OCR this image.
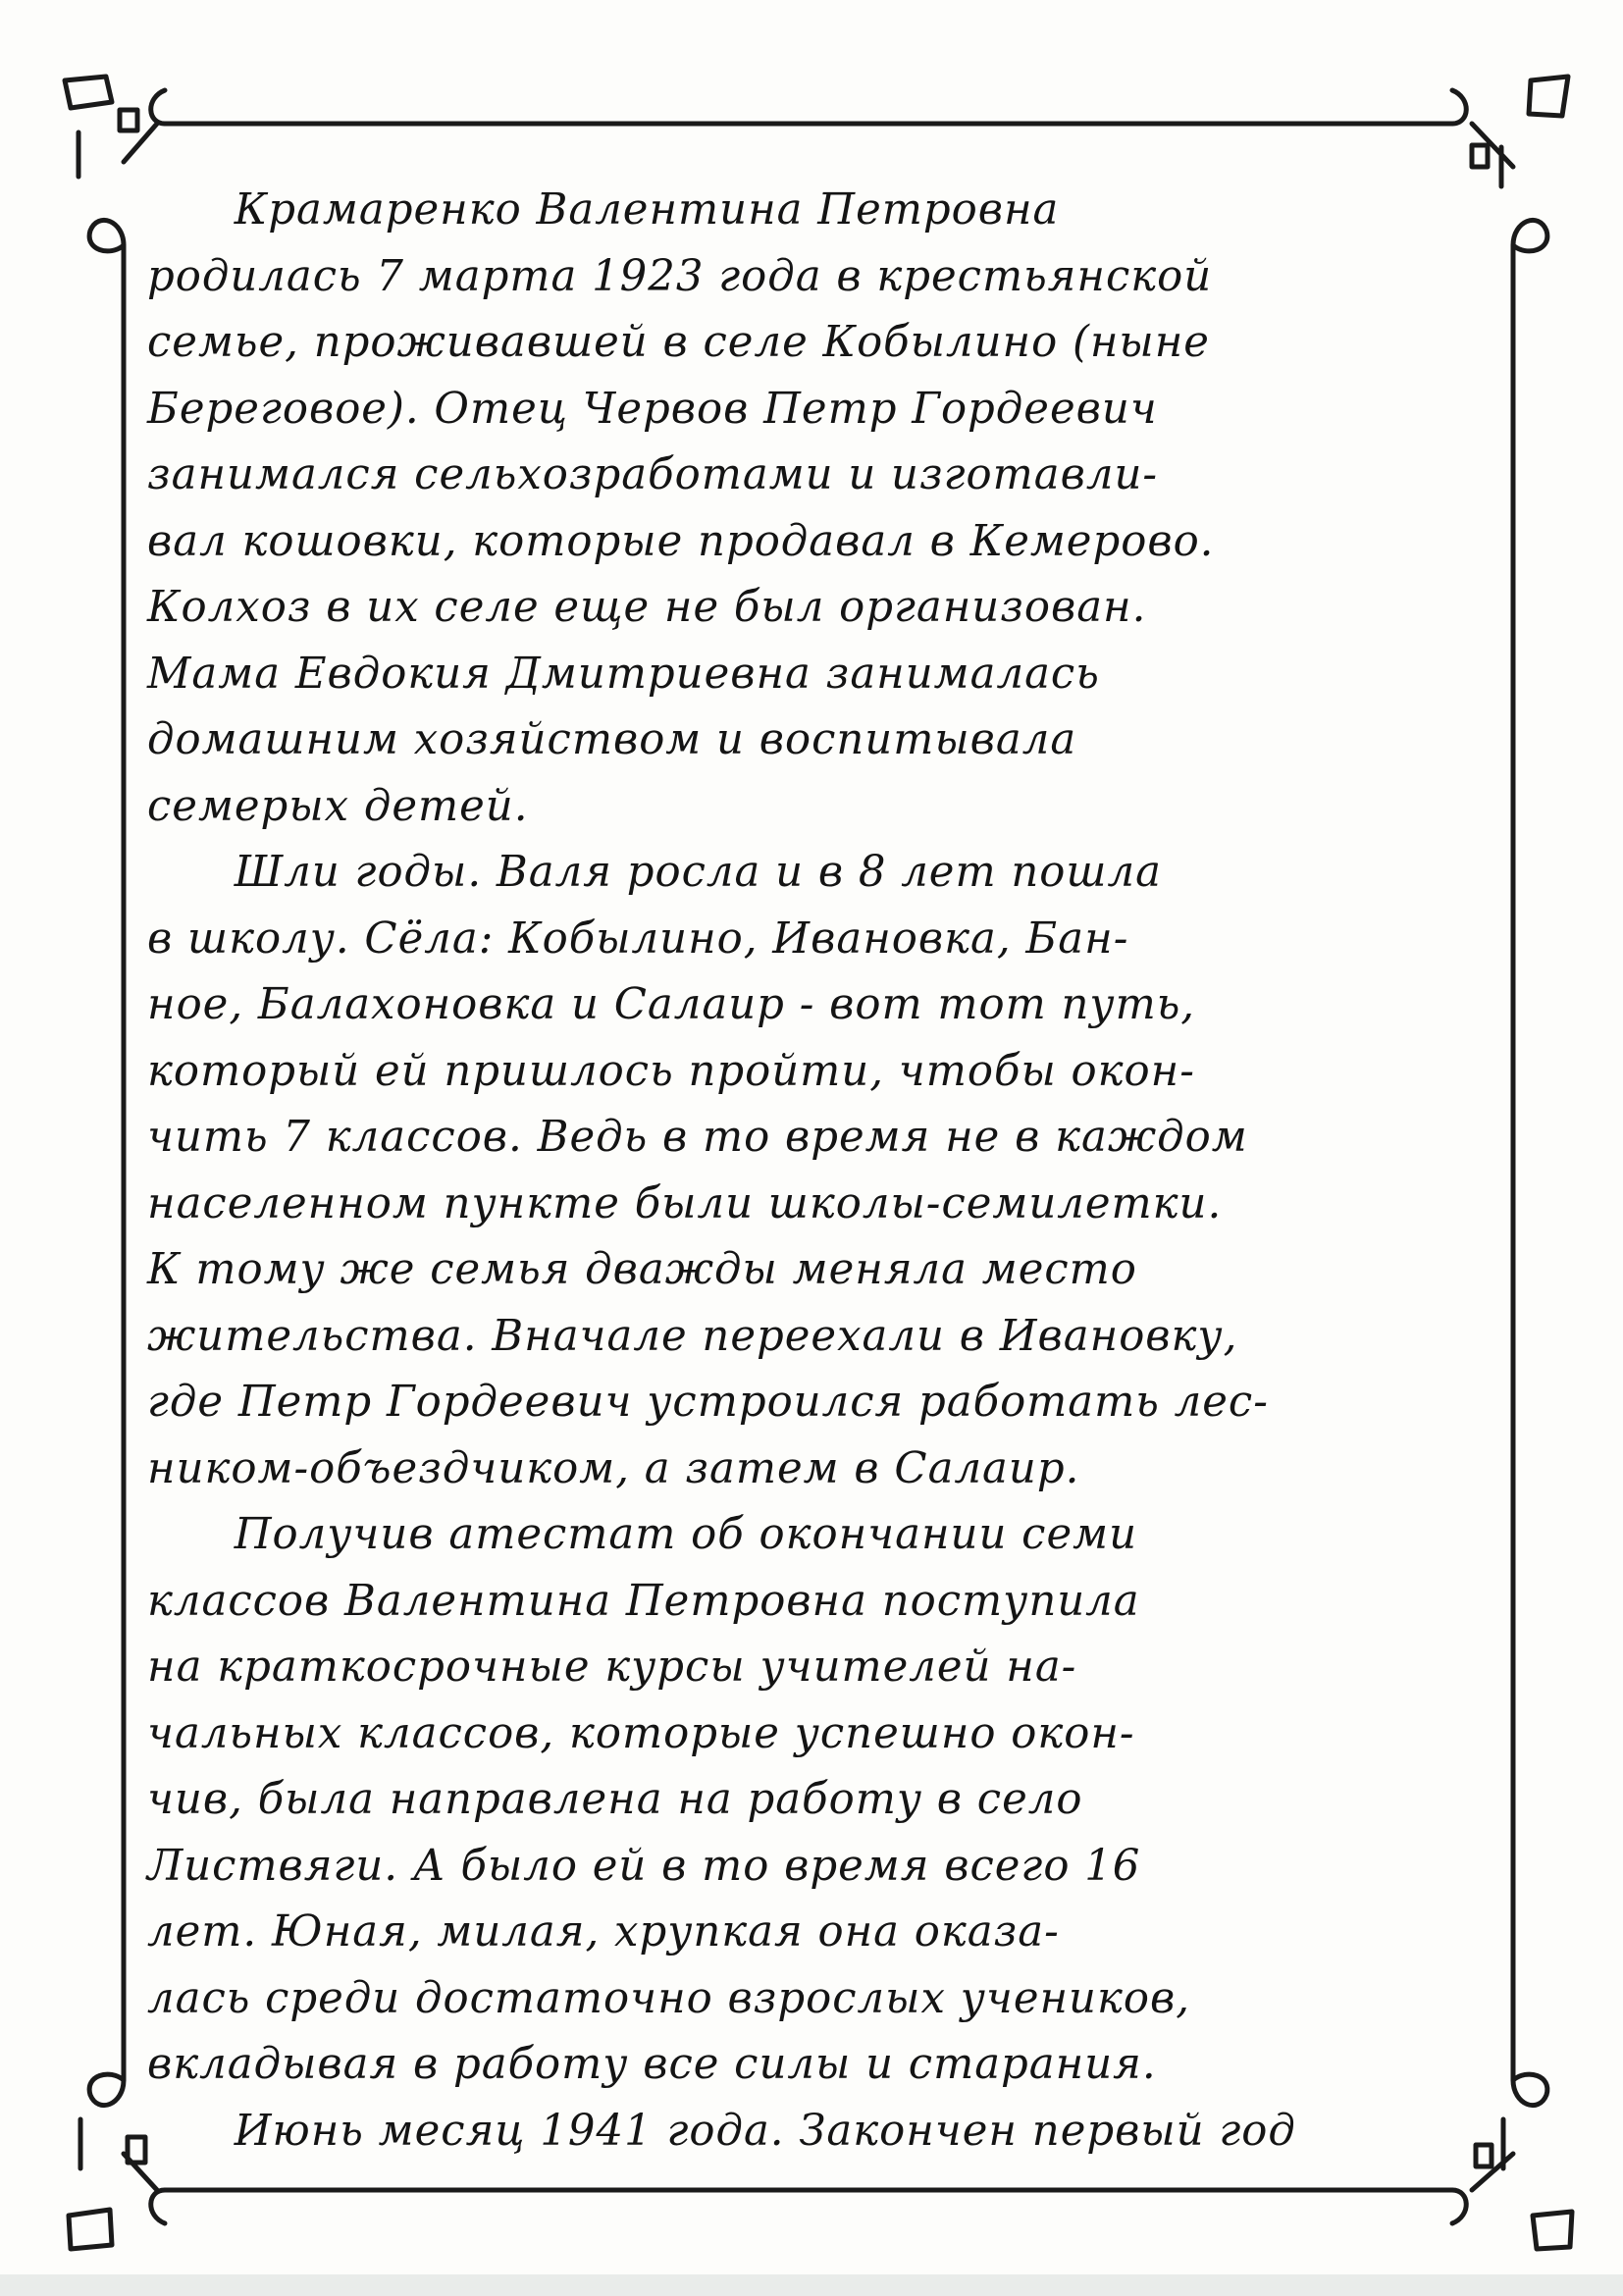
Крамаренко Валентина Петровна
родилась 7 марта 1923 года в крестьянской
семье, проживавшей в селе Кобылино (ныне
Береговое). Отец Червов Петр Гордеевич
занимался сельхозработами и изготавли-
вал кошовки, которые продавал в Кемерово.
Колхоз в их селе еще не был организован.
Мама Евдокия Дмитриевна занималась
домашним хозяйством и воспитывала
семерых детей.
Шли годы. Валя росла и в 8 лет пошла
в школу. Сёла: Кобылино, Ивановка, Бан-
ное, Балахоновка и Салаир - вот тот путь,
который ей пришлось пройти, чтобы окон-
чить 7 классов. Ведь в то время не в каждом
населенном пункте были школы-семилетки.
К тому же семья дважды меняла место
жительства. Вначале переехали в Ивановку,
где Петр Гордеевич устроился работать лес-
ником-объездчиком, а затем в Салаир.
Получив атестат об окончании семи
классов Валентина Петровна поступила
на краткосрочные курсы учителей на-
чальных классов, которые успешно окон-
чив, была направлена на работу в село
Листвяги. А было ей в то время всего 16
лет. Юная, милая, хрупкая она оказа-
лась среди достаточно взрослых учеников,
вкладывая в работу все силы и старания.
Июнь месяц 1941 года. Закончен первый год
